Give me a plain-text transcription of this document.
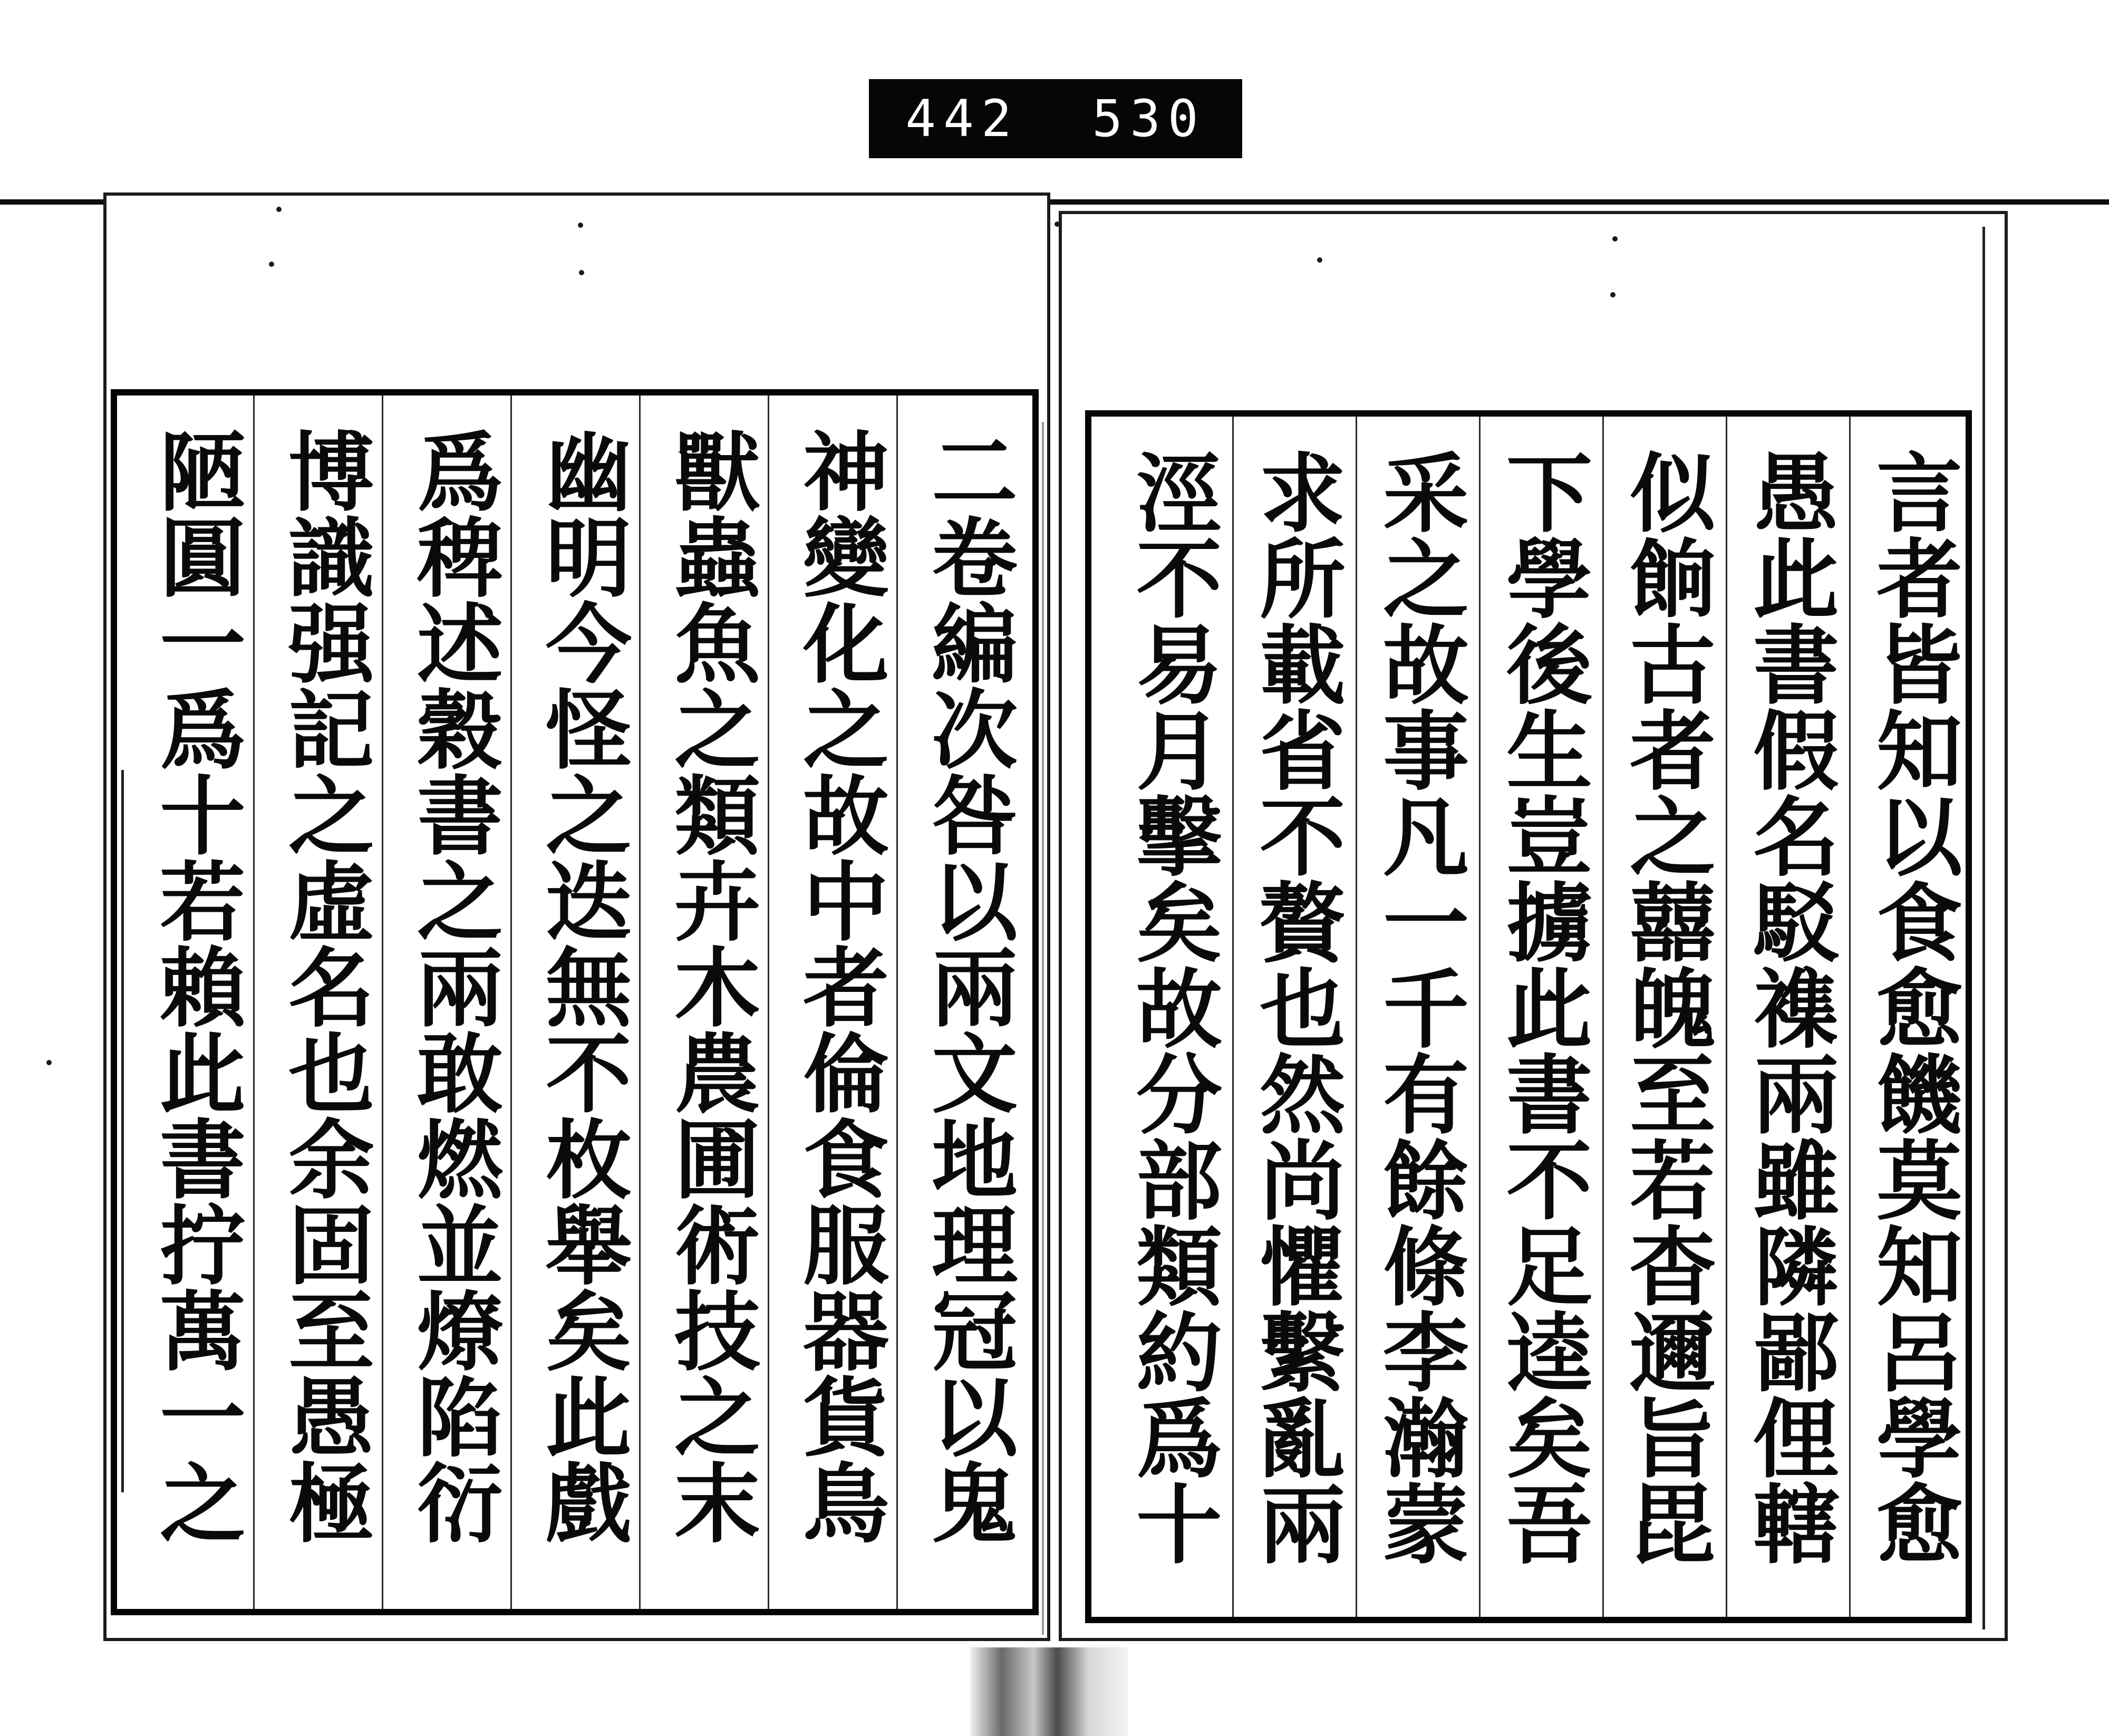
442 530
言者皆知以食愈饑莫知呂學愈
愚此書假名駁襍兩雖隣鄙俚轄
似餉古者之囍魄至若杳邇旨毘
下學後生豈擄此書不足逵矣吾
采之故事凡一千有餘條李瀚蒙
求所載省不贅也然尚懼繫亂兩
涇不易月擊矣故分部類約爲十
二卷編次咎以兩文地理冠以鬼
神變化之故中者倫食服器貨鳥
獸蟲魚之類卉木農圃術技之末
幽明今怪之迭無不枚舉矣此戲
爲稗述穀書之兩敢燃並燎陷衍
博識强記之虛名也余固至愚極
陋圓一爲十若賴此書拧萬一之
